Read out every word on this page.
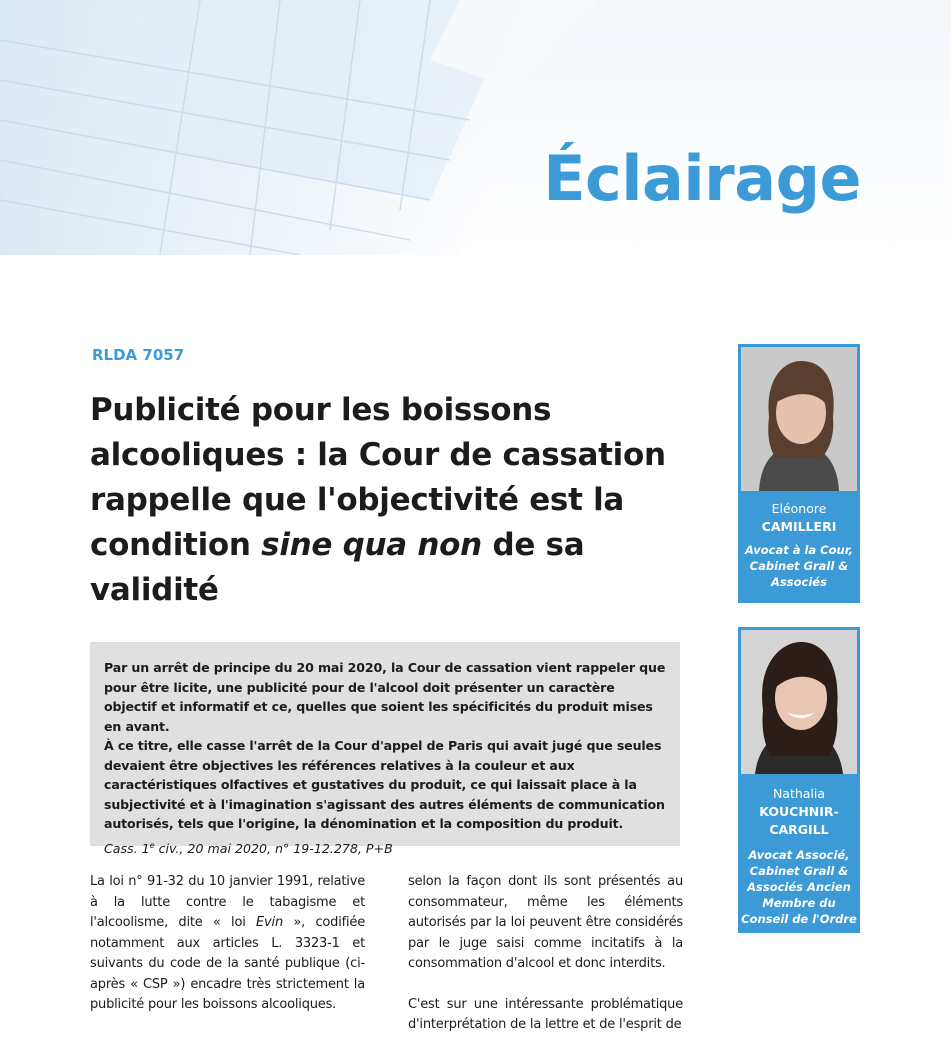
Éclairage
RLDA 7057
Publicité pour les boissons alcooliques : la Cour de cassation rappelle que l'objectivité est la condition sine qua non de sa validité

Par un arrêt de principe du 20 mai 2020, la Cour de cassation vient rappeler que pour être licite, une publicité pour de l'alcool doit présenter un caractère objectif et informatif et ce, quelles que soient les spécificités du produit mises en avant.

À ce titre, elle casse l'arrêt de la Cour d'appel de Paris qui avait jugé que seules devaient être objectives les références relatives à la couleur et aux caractéristiques olfactives et gustatives du produit, ce qui laissait place à la subjectivité et à l'imagination s'agissant des autres éléments de communication autorisés, tels que l'origine, la dénomination et la composition du produit.

Cass. 1e civ., 20 mai 2020, n° 19-12.278, P+B

La loi n° 91-32 du 10 janvier 1991, relative à la lutte contre le tabagisme et l'alcoolisme, dite « loi Evin », codifiée notamment aux articles L. 3323-1 et suivants du code de la santé publique (ci-après « CSP ») encadre très strictement la publicité pour les boissons alcooliques.

selon la façon dont ils sont présentés au consommateur, même les éléments autorisés par la loi peuvent être considérés par le juge saisi comme incitatifs à la consommation d'alcool et donc interdits.

C'est sur une intéressante problématique d'interprétation de la lettre et de l'esprit de

Eléonore
CAMILLERI
Avocat à la Cour, Cabinet Grall & Associés
Nathalia
KOUCHNIR-CARGILL
Avocat Associé, Cabinet Grall & Associés Ancien Membre du Conseil de l'Ordre
